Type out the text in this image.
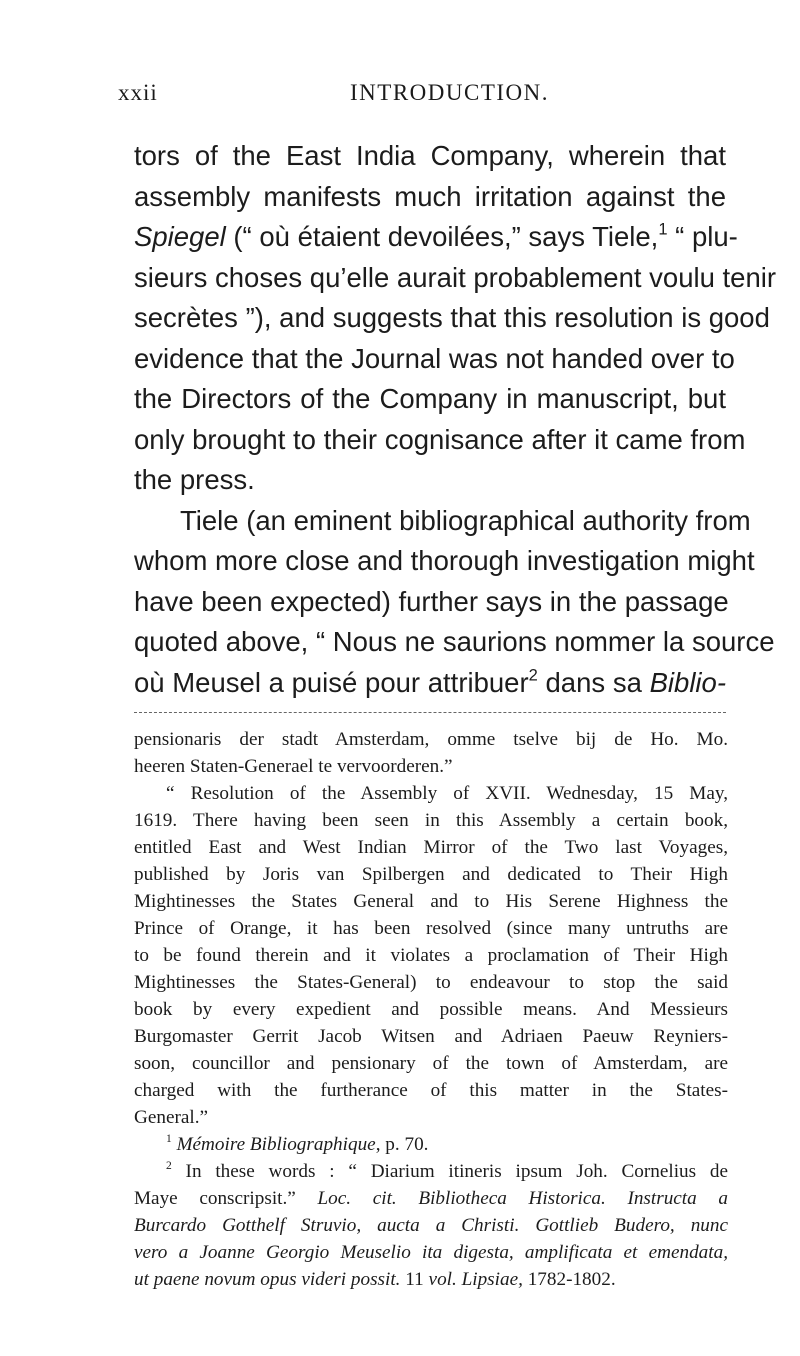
xxii	INTRODUCTION.
tors of the East India Company, wherein that
assembly manifests much irritation against the
Spiegel (“ où étaient devoilées,” says Tiele,$^1$ “ plu-
sieurs choses qu’elle aurait probablement voulu tenir
secrètes ”), and suggests that this resolution is good
evidence that the Journal was not handed over to
the Directors of the Company in manuscript, but
only brought to their cognisance after it came from
the press.
Tiele (an eminent bibliographical authority from
whom more close and thorough investigation might
have been expected) further says in the passage
quoted above, “ Nous ne saurions nommer la source
où Meusel a puisé pour attribuer$^2$ dans sa Biblio-
pensionaris der stadt Amsterdam, omme tselve bij de Ho. Mo.
heeren Staten-Generael te vervoorderen.”
“ Resolution of the Assembly of XVII. Wednesday, 15 May,
1619. There having been seen in this Assembly a certain book,
entitled East and West Indian Mirror of the Two last Voyages,
published by Joris van Spilbergen and dedicated to Their High
Mightinesses the States General and to His Serene Highness the
Prince of Orange, it has been resolved (since many untruths are
to be found therein and it violates a proclamation of Their High
Mightinesses the States-General) to endeavour to stop the said
book by every expedient and possible means. And Messieurs
Burgomaster Gerrit Jacob Witsen and Adriaen Paeuw Reyniers-
soon, councillor and pensionary of the town of Amsterdam, are
charged with the furtherance of this matter in the States-
General.”
$^1$ Mémoire Bibliographique, p. 70.
$^2$ In these words : “ Diarium itineris ipsum Joh. Cornelius de
Maye conscripsit.” Loc. cit. Bibliotheca Historica. Instructa a
Burcardo Gotthelf Struvio, aucta a Christi. Gottlieb Budero, nunc
vero a Joanne Georgio Meuselio ita digesta, amplificata et emendata,
ut paene novum opus videri possit. 11 vol. Lipsiae, 1782-1802.
